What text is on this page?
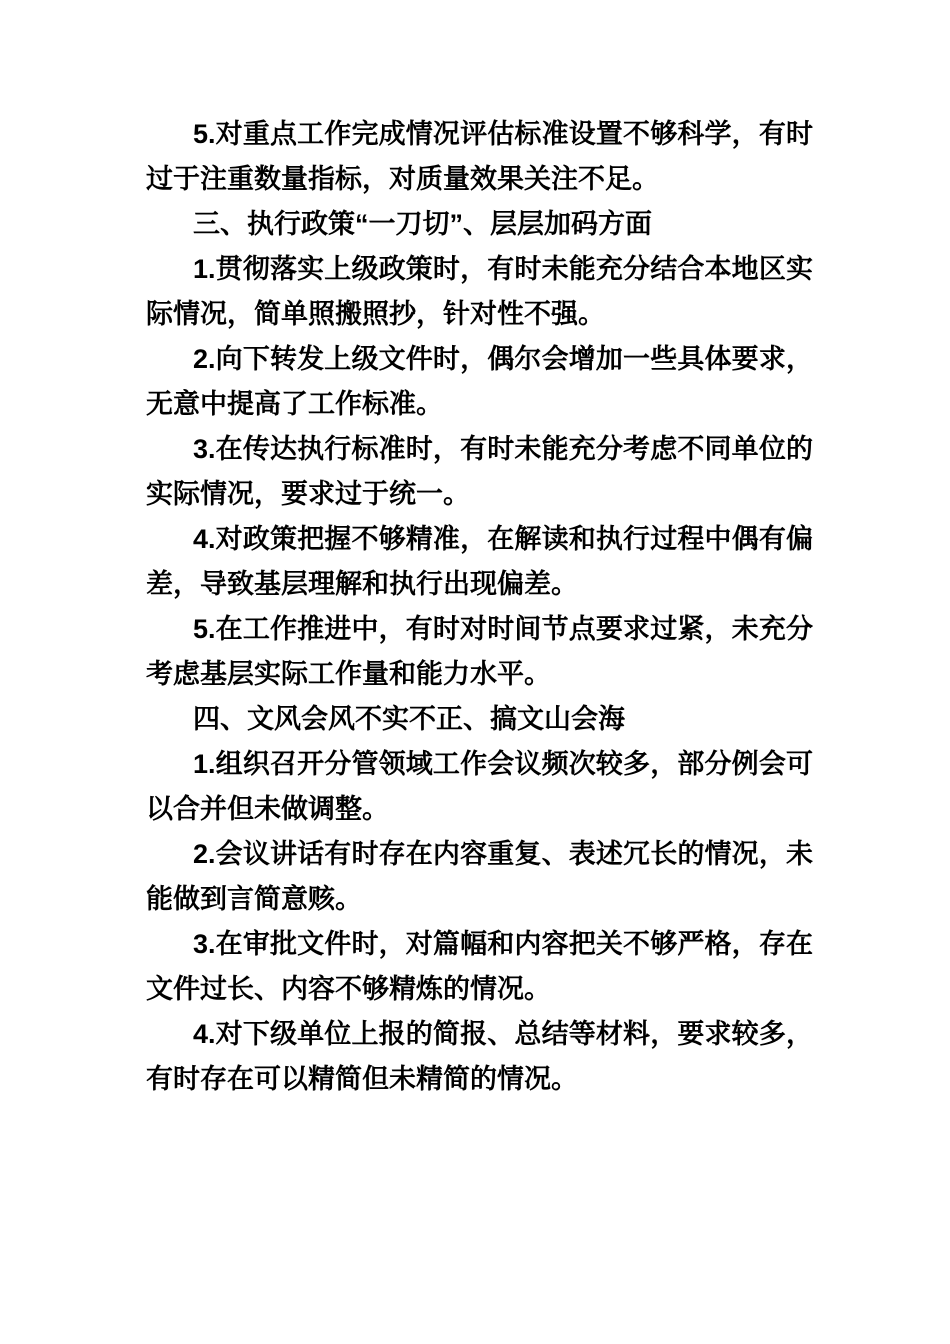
5.对重点工作完成情况评估标准设置不够科学，有时过于注重数量指标，对质量效果关注不足。

三、执行政策“一刀切”、层层加码方面

1.贯彻落实上级政策时，有时未能充分结合本地区实际情况，简单照搬照抄，针对性不强。

2.向下转发上级文件时，偶尔会增加一些具体要求，无意中提高了工作标准。

3.在传达执行标准时，有时未能充分考虑不同单位的实际情况，要求过于统一。

4.对政策把握不够精准，在解读和执行过程中偶有偏差，导致基层理解和执行出现偏差。

5.在工作推进中，有时对时间节点要求过紧，未充分考虑基层实际工作量和能力水平。

四、文风会风不实不正、搞文山会海

1.组织召开分管领域工作会议频次较多，部分例会可以合并但未做调整。

2.会议讲话有时存在内容重复、表述冗长的情况，未能做到言简意赅。

3.在审批文件时，对篇幅和内容把关不够严格，存在文件过长、内容不够精炼的情况。

4.对下级单位上报的简报、总结等材料，要求较多，有时存在可以精简但未精简的情况。
